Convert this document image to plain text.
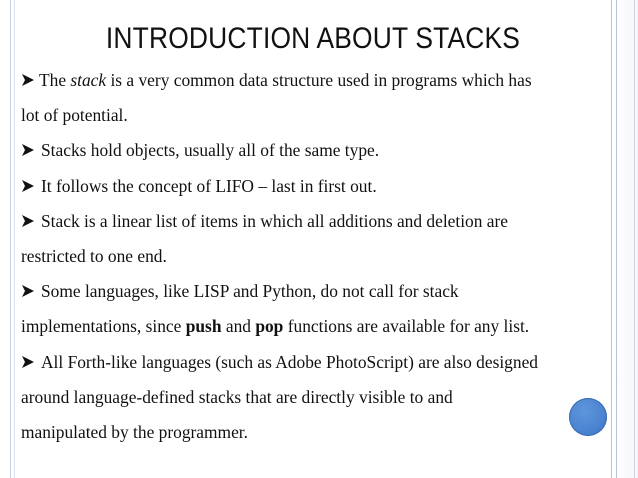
INTRODUCTION ABOUT STACKS
The stack is a very common data structure used in programs which has
lot of potential.
Stacks hold objects, usually all of the same type.
It follows the concept of LIFO – last in first out.
Stack is a linear list of items in which all additions and deletion are
restricted to one end.
Some languages, like LISP and Python, do not call for stack
implementations, since push and pop functions are available for any list.
All Forth-like languages (such as Adobe PhotoScript) are also designed
around language-defined stacks that are directly visible to and
manipulated by the programmer.
